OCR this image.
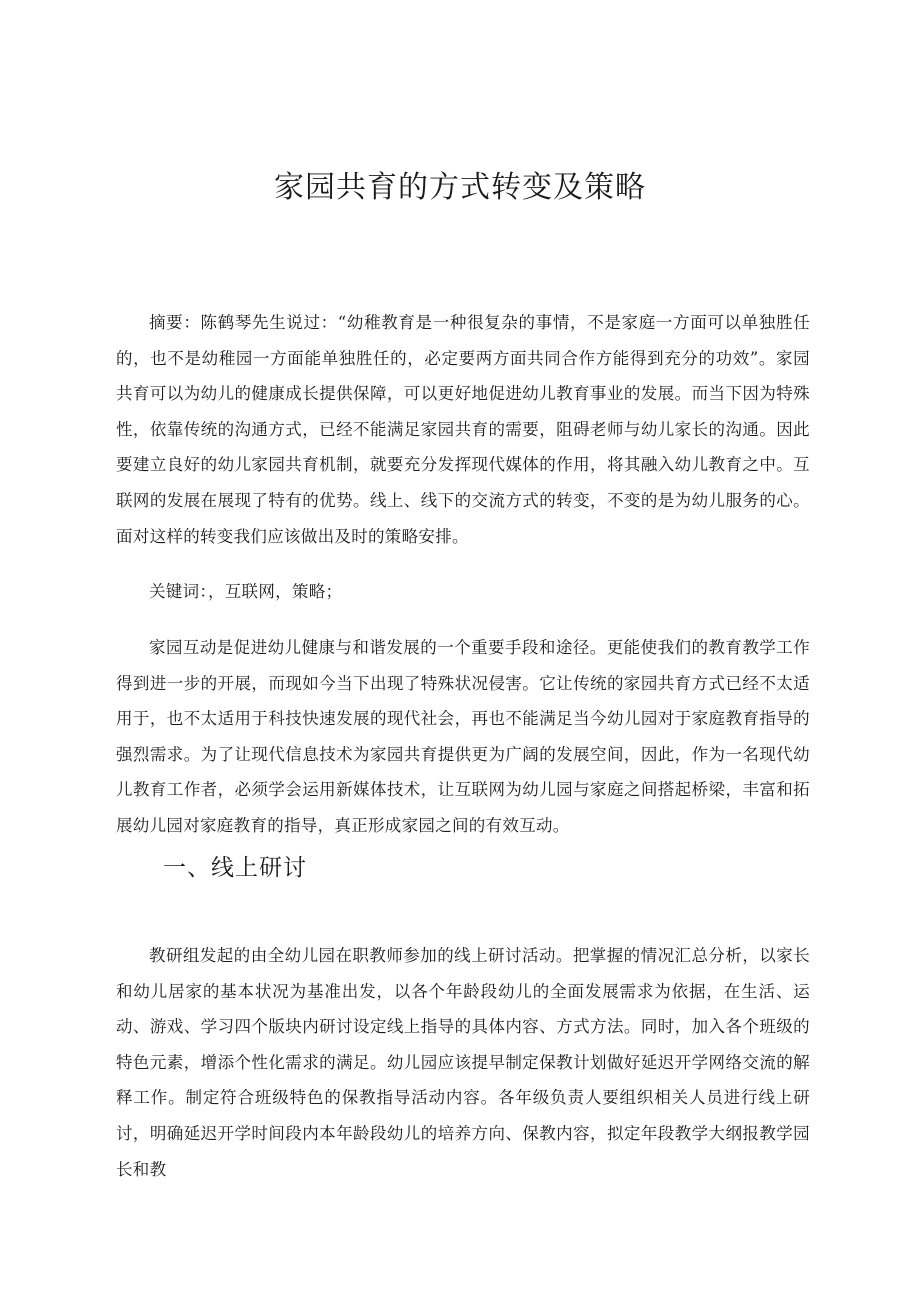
家园共育的方式转变及策略

摘要：陈鹤琴先生说过：“幼稚教育是一种很复杂的事情，不是家庭一方面可以单独胜任的，也不是幼稚园一方面能单独胜任的，必定要两方面共同合作方能得到充分的功效”。家园共育可以为幼儿的健康成长提供保障，可以更好地促进幼儿教育事业的发展。而当下因为特殊性，依靠传统的沟通方式，已经不能满足家园共育的需要，阻碍老师与幼儿家长的沟通。因此要建立良好的幼儿家园共育机制，就要充分发挥现代媒体的作用，将其融入幼儿教育之中。互联网的发展在展现了特有的优势。线上、线下的交流方式的转变，不变的是为幼儿服务的心。面对这样的转变我们应该做出及时的策略安排。

关键词：，互联网，策略；

家园互动是促进幼儿健康与和谐发展的一个重要手段和途径。更能使我们的教育教学工作得到进一步的开展，而现如今当下出现了特殊状况侵害。它让传统的家园共育方式已经不太适用于，也不太适用于科技快速发展的现代社会，再也不能满足当今幼儿园对于家庭教育指导的强烈需求。为了让现代信息技术为家园共育提供更为广阔的发展空间，因此，作为一名现代幼儿教育工作者，必须学会运用新媒体技术，让互联网为幼儿园与家庭之间搭起桥梁，丰富和拓展幼儿园对家庭教育的指导，真正形成家园之间的有效互动。

一、线上研讨

教研组发起的由全幼儿园在职教师参加的线上研讨活动。把掌握的情况汇总分析，以家长和幼儿居家的基本状况为基准出发，以各个年龄段幼儿的全面发展需求为依据，在生活、运动、游戏、学习四个版块内研讨设定线上指导的具体内容、方式方法。同时，加入各个班级的特色元素，增添个性化需求的满足。幼儿园应该提早制定保教计划做好延迟开学网络交流的解释工作。制定符合班级特色的保教指导活动内容。各年级负责人要组织相关人员进行线上研讨，明确延迟开学时间段内本年龄段幼儿的培养方向、保教内容，拟定年段教学大纲报教学园长和教
